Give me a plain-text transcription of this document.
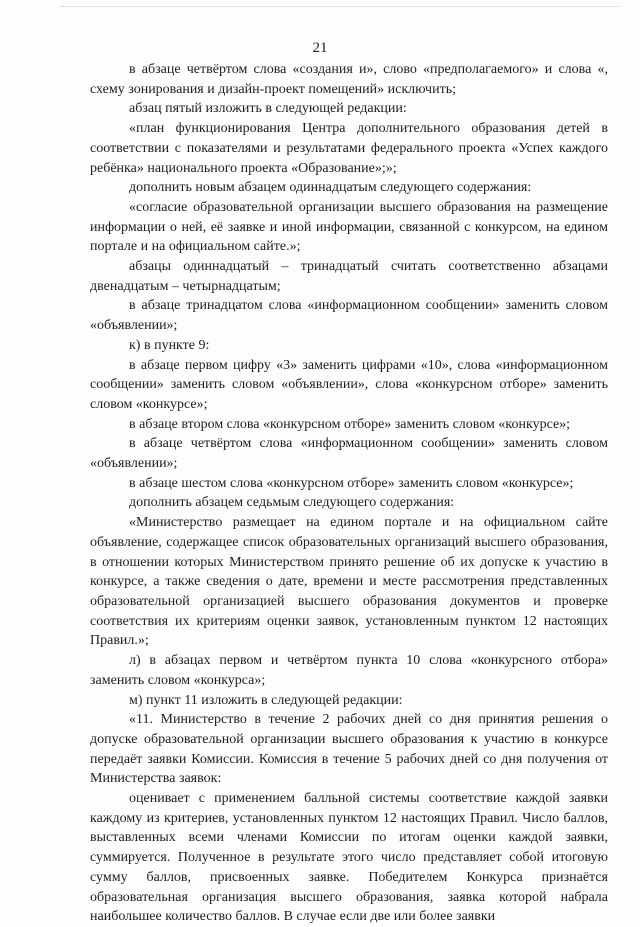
21

в абзаце четвёртом слова «создания и», слово «предполагаемого» и слова «, схему зонирования и дизайн-проект помещений» исключить;

абзац пятый изложить в следующей редакции:

«план функционирования Центра дополнительного образования детей в соответствии с показателями и результатами федерального проекта «Успех каждого ребёнка» национального проекта «Образование»;»;

дополнить новым абзацем одиннадцатым следующего содержания:

«согласие образовательной организации высшего образования на размещение информации о ней, её заявке и иной информации, связанной с конкурсом, на едином портале и на официальном сайте.»;

абзацы одиннадцатый – тринадцатый считать соответственно абзацами двенадцатым – четырнадцатым;

в абзаце тринадцатом слова «информационном сообщении» заменить словом «объявлении»;

к) в пункте 9:

в абзаце первом цифру «3» заменить цифрами «10», слова «информационном сообщении» заменить словом «объявлении», слова «конкурсном отборе» заменить словом «конкурсе»;

в абзаце втором слова «конкурсном отборе» заменить словом «конкурсе»;

в абзаце четвёртом слова «информационном сообщении» заменить словом «объявлении»;

в абзаце шестом слова «конкурсном отборе» заменить словом «конкурсе»;

дополнить абзацем седьмым следующего содержания:

«Министерство размещает на едином портале и на официальном сайте объявление, содержащее список образовательных организаций высшего образования, в отношении которых Министерством принято решение об их допуске к участию в конкурсе, а также сведения о дате, времени и месте рассмотрения представленных образовательной организацией высшего образования документов и проверке соответствия их критериям оценки заявок, установленным пунктом 12 настоящих Правил.»;

л) в абзацах первом и четвёртом пункта 10 слова «конкурсного отбора» заменить словом «конкурса»;

м) пункт 11 изложить в следующей редакции:

«11. Министерство в течение 2 рабочих дней со дня принятия решения о допуске образовательной организации высшего образования к участию в конкурсе передаёт заявки Комиссии. Комиссия в течение 5 рабочих дней со дня получения от Министерства заявок:

оценивает с применением балльной системы соответствие каждой заявки каждому из критериев, установленных пунктом 12 настоящих Правил. Число баллов, выставленных всеми членами Комиссии по итогам оценки каждой заявки, суммируется. Полученное в результате этого число представляет собой итоговую сумму баллов, присвоенных заявке. Победителем Конкурса признаётся образовательная организация высшего образования, заявка которой набрала наибольшее количество баллов. В случае если две или более заявки
